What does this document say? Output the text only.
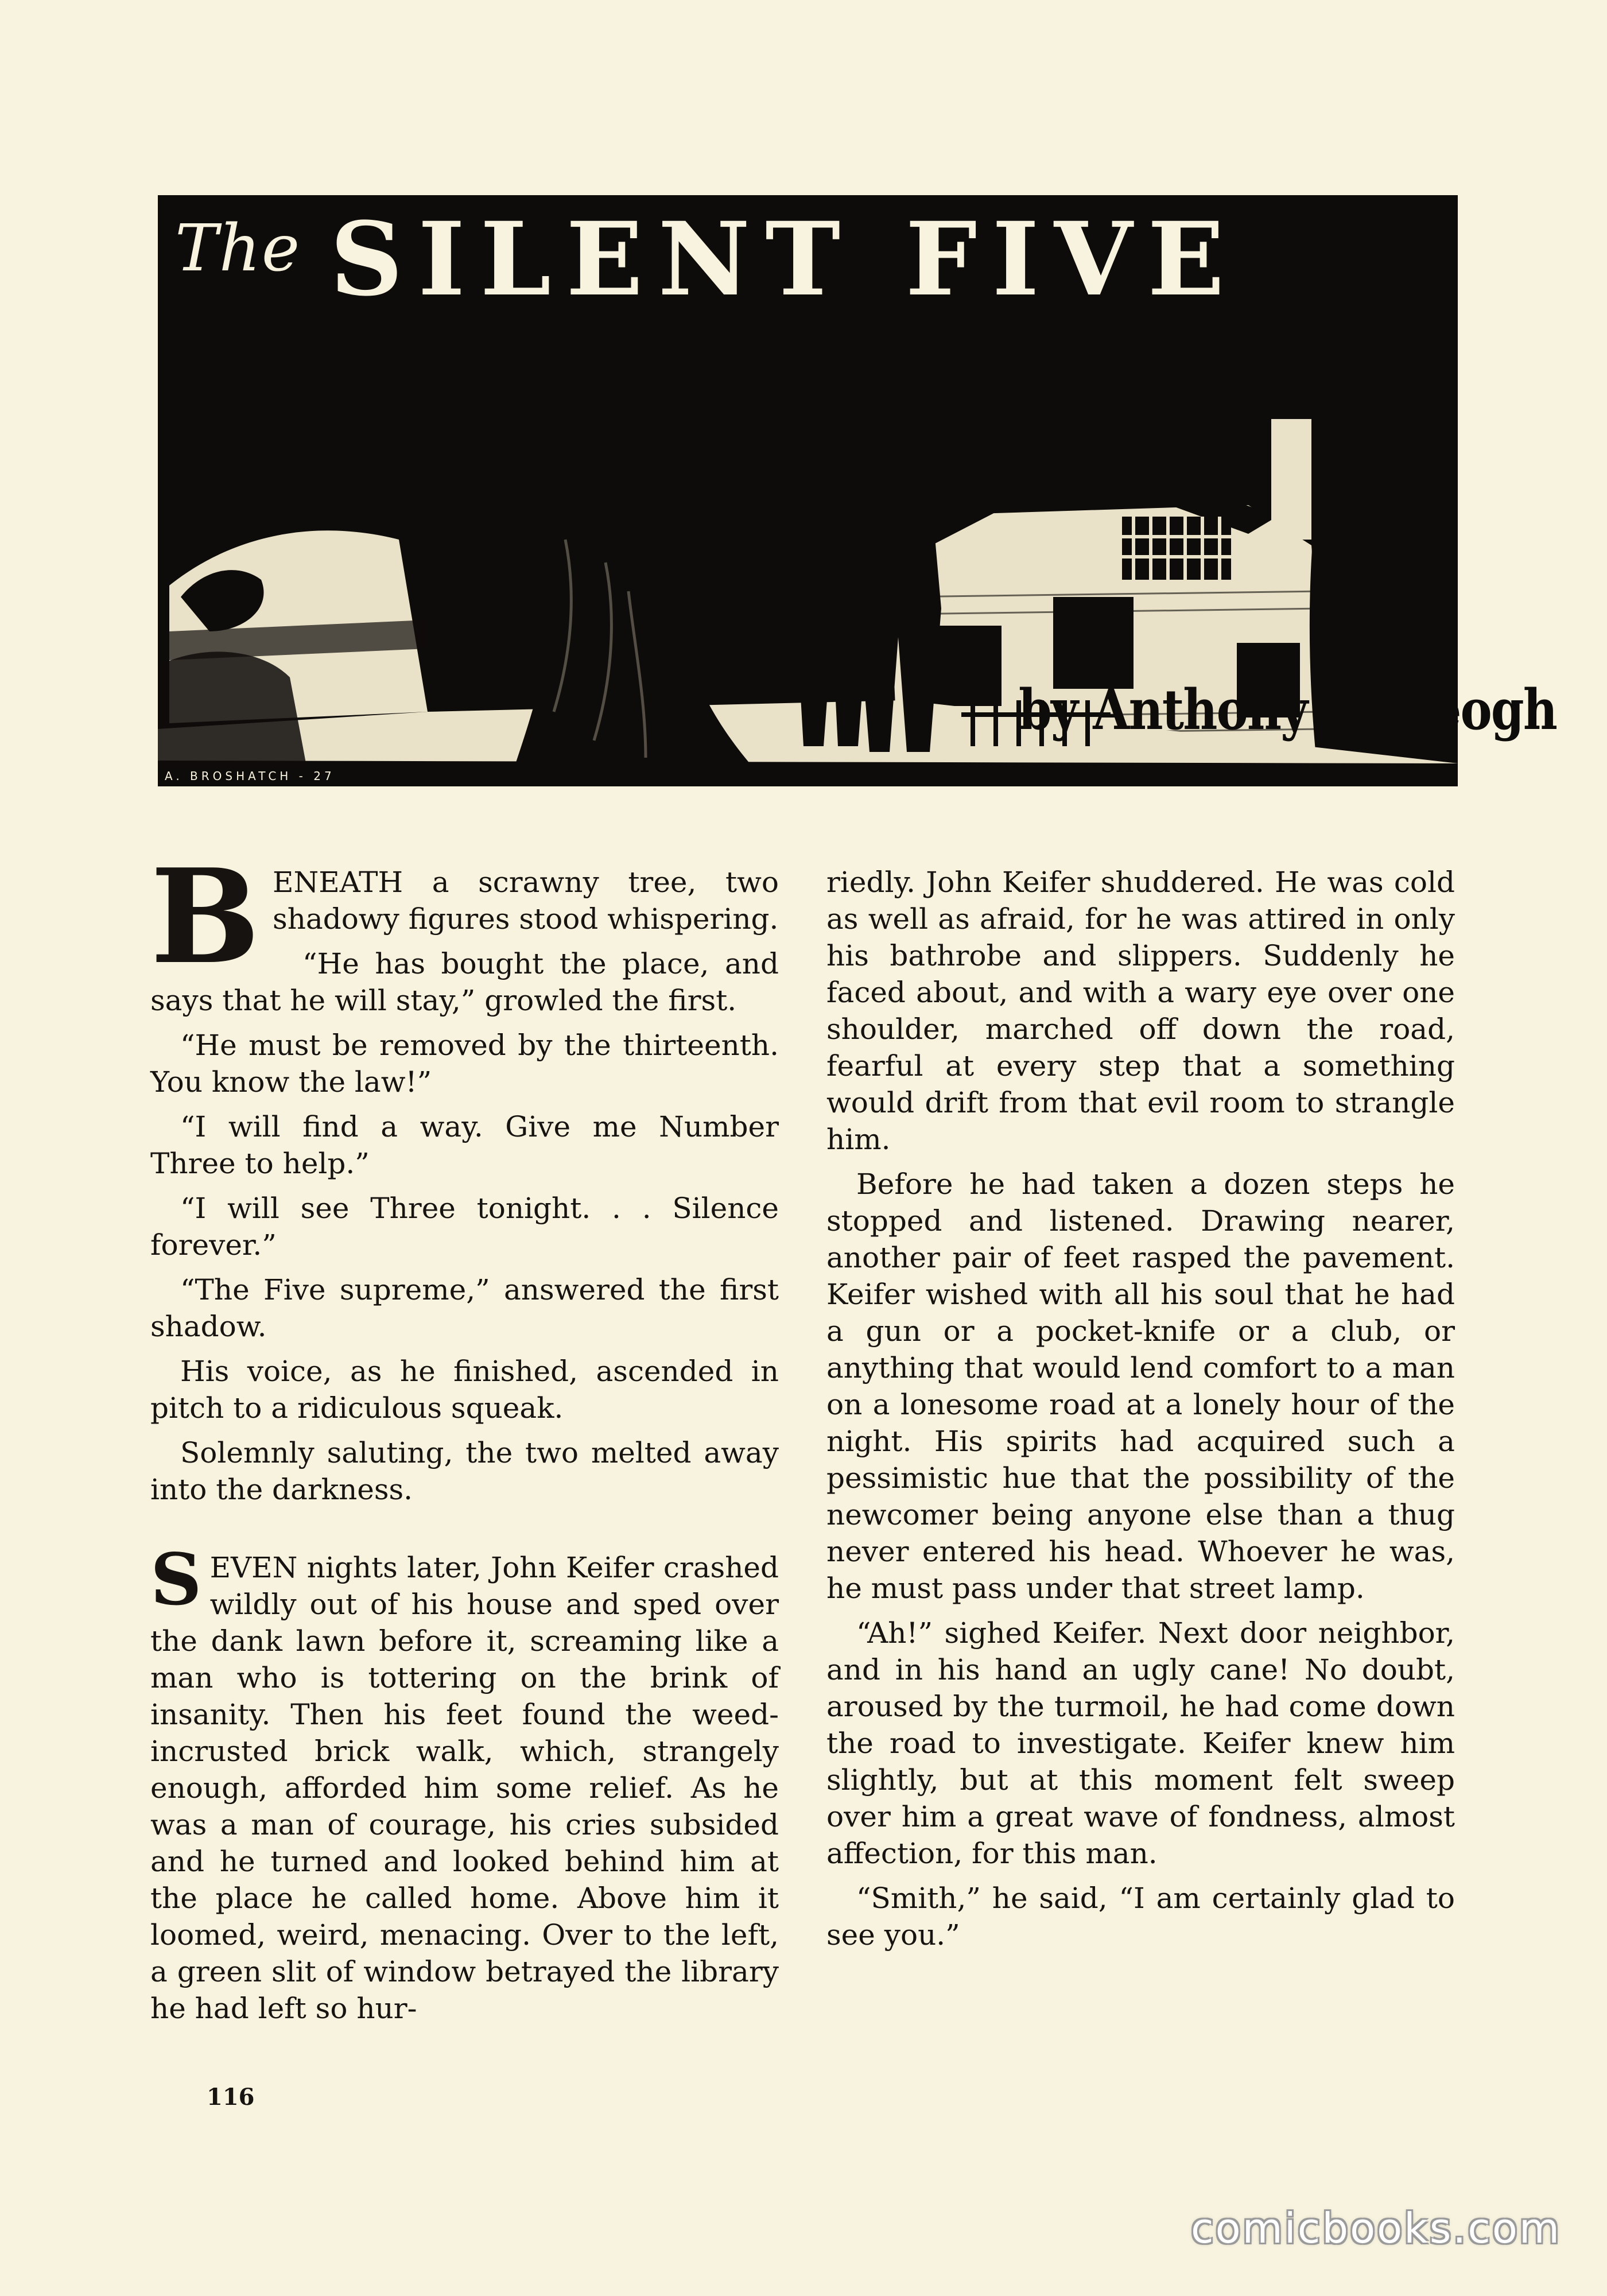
The SILENT FIVE
by Anthony D. Keogh
A. BROSHATCH - 27

BENEATH a scrawny tree, two shadowy figures stood whispering.

“He has bought the place, and says that he will stay,” growled the first.

“He must be removed by the thirteenth. You know the law!”

“I will find a way. Give me Number Three to help.”

“I will see Three tonight. . . Silence forever.”

“The Five supreme,” answered the first shadow.

His voice, as he finished, ascended in pitch to a ridiculous squeak.

Solemnly saluting, the two melted away into the darkness.

SEVEN nights later, John Keifer crashed wildly out of his house and sped over the dank lawn before it, screaming like a man who is tottering on the brink of insanity. Then his feet found the weed-incrusted brick walk, which, strangely enough, afforded him some relief. As he was a man of courage, his cries subsided and he turned and looked behind him at the place he called home. Above him it loomed, weird, menacing. Over to the left, a green slit of window betrayed the library he had left so hur-

riedly. John Keifer shuddered. He was cold as well as afraid, for he was attired in only his bathrobe and slippers. Suddenly he faced about, and with a wary eye over one shoulder, marched off down the road, fearful at every step that a something would drift from that evil room to strangle him.

Before he had taken a dozen steps he stopped and listened. Drawing nearer, another pair of feet rasped the pavement. Keifer wished with all his soul that he had a gun or a pocket-knife or a club, or anything that would lend comfort to a man on a lonesome road at a lonely hour of the night. His spirits had acquired such a pessimistic hue that the possibility of the newcomer being anyone else than a thug never entered his head. Whoever he was, he must pass under that street lamp.

“Ah!” sighed Keifer. Next door neighbor, and in his hand an ugly cane! No doubt, aroused by the turmoil, he had come down the road to investigate. Keifer knew him slightly, but at this moment felt sweep over him a great wave of fondness, almost affection, for this man.

“Smith,” he said, “I am certainly glad to see you.”

116
comicbooks.com
